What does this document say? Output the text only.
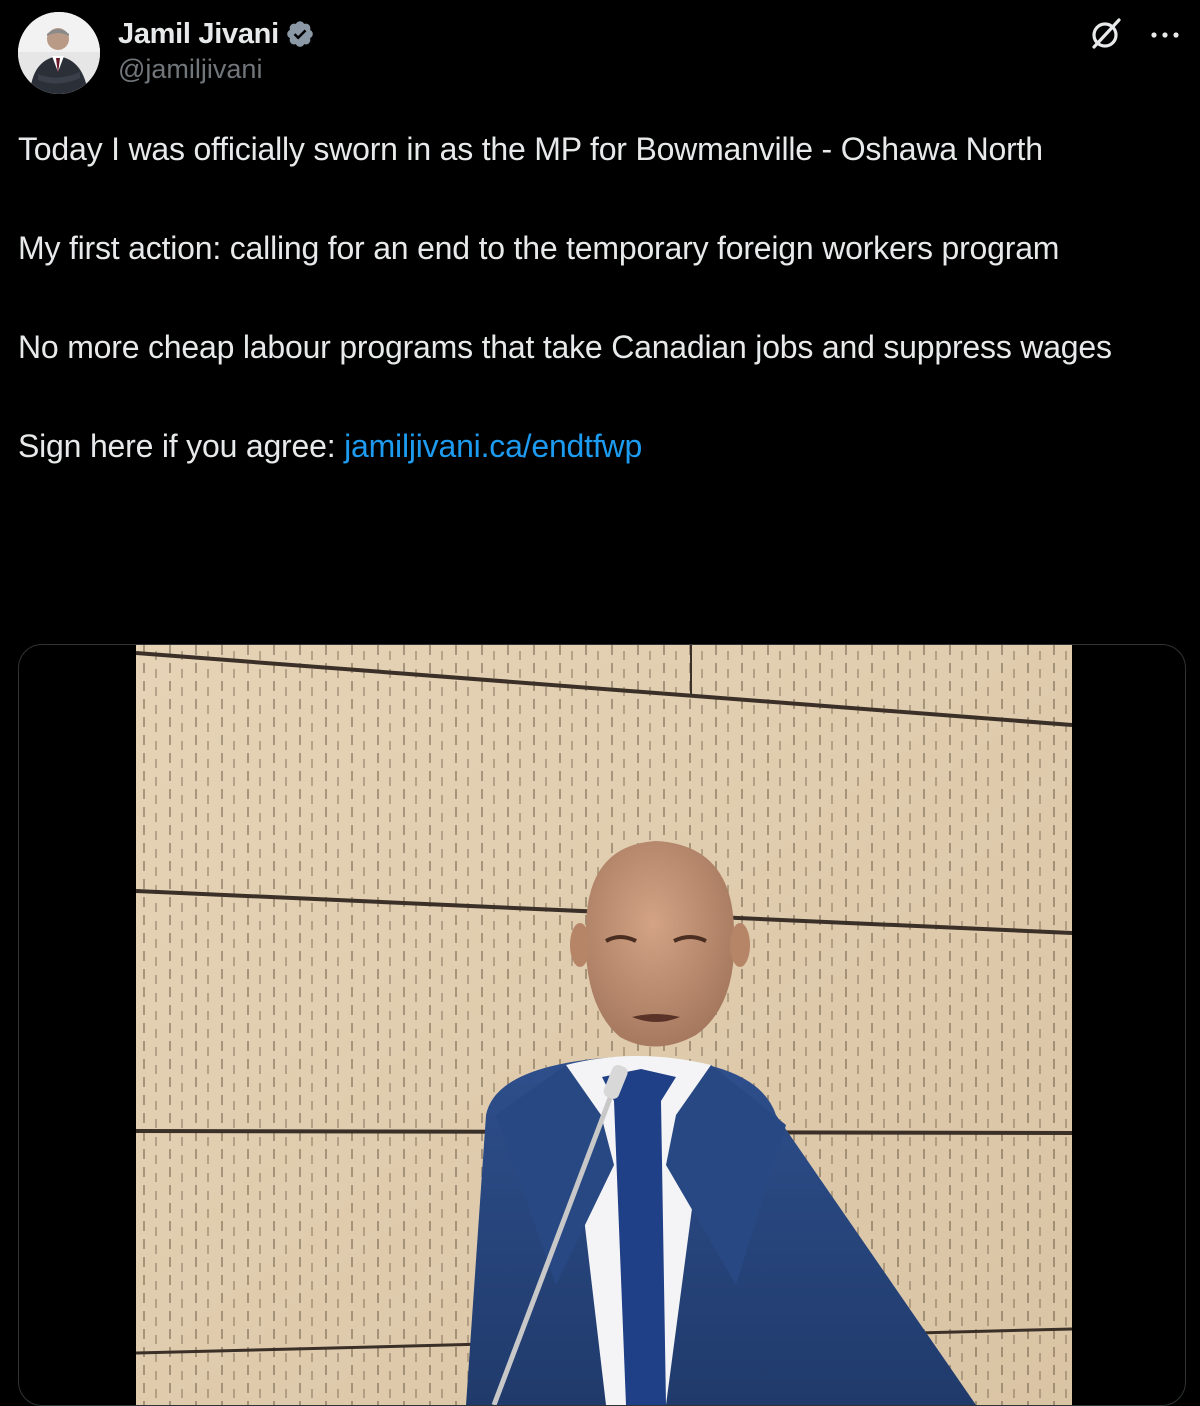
Jamil Jivani
@jamiljivani

Today I was officially sworn in as the MP for Bowmanville - Oshawa North

My first action: calling for an end to the temporary foreign workers program

No more cheap labour programs that take Canadian jobs and suppress wages

Sign here if you agree: jamiljivani.ca/endtfwp
